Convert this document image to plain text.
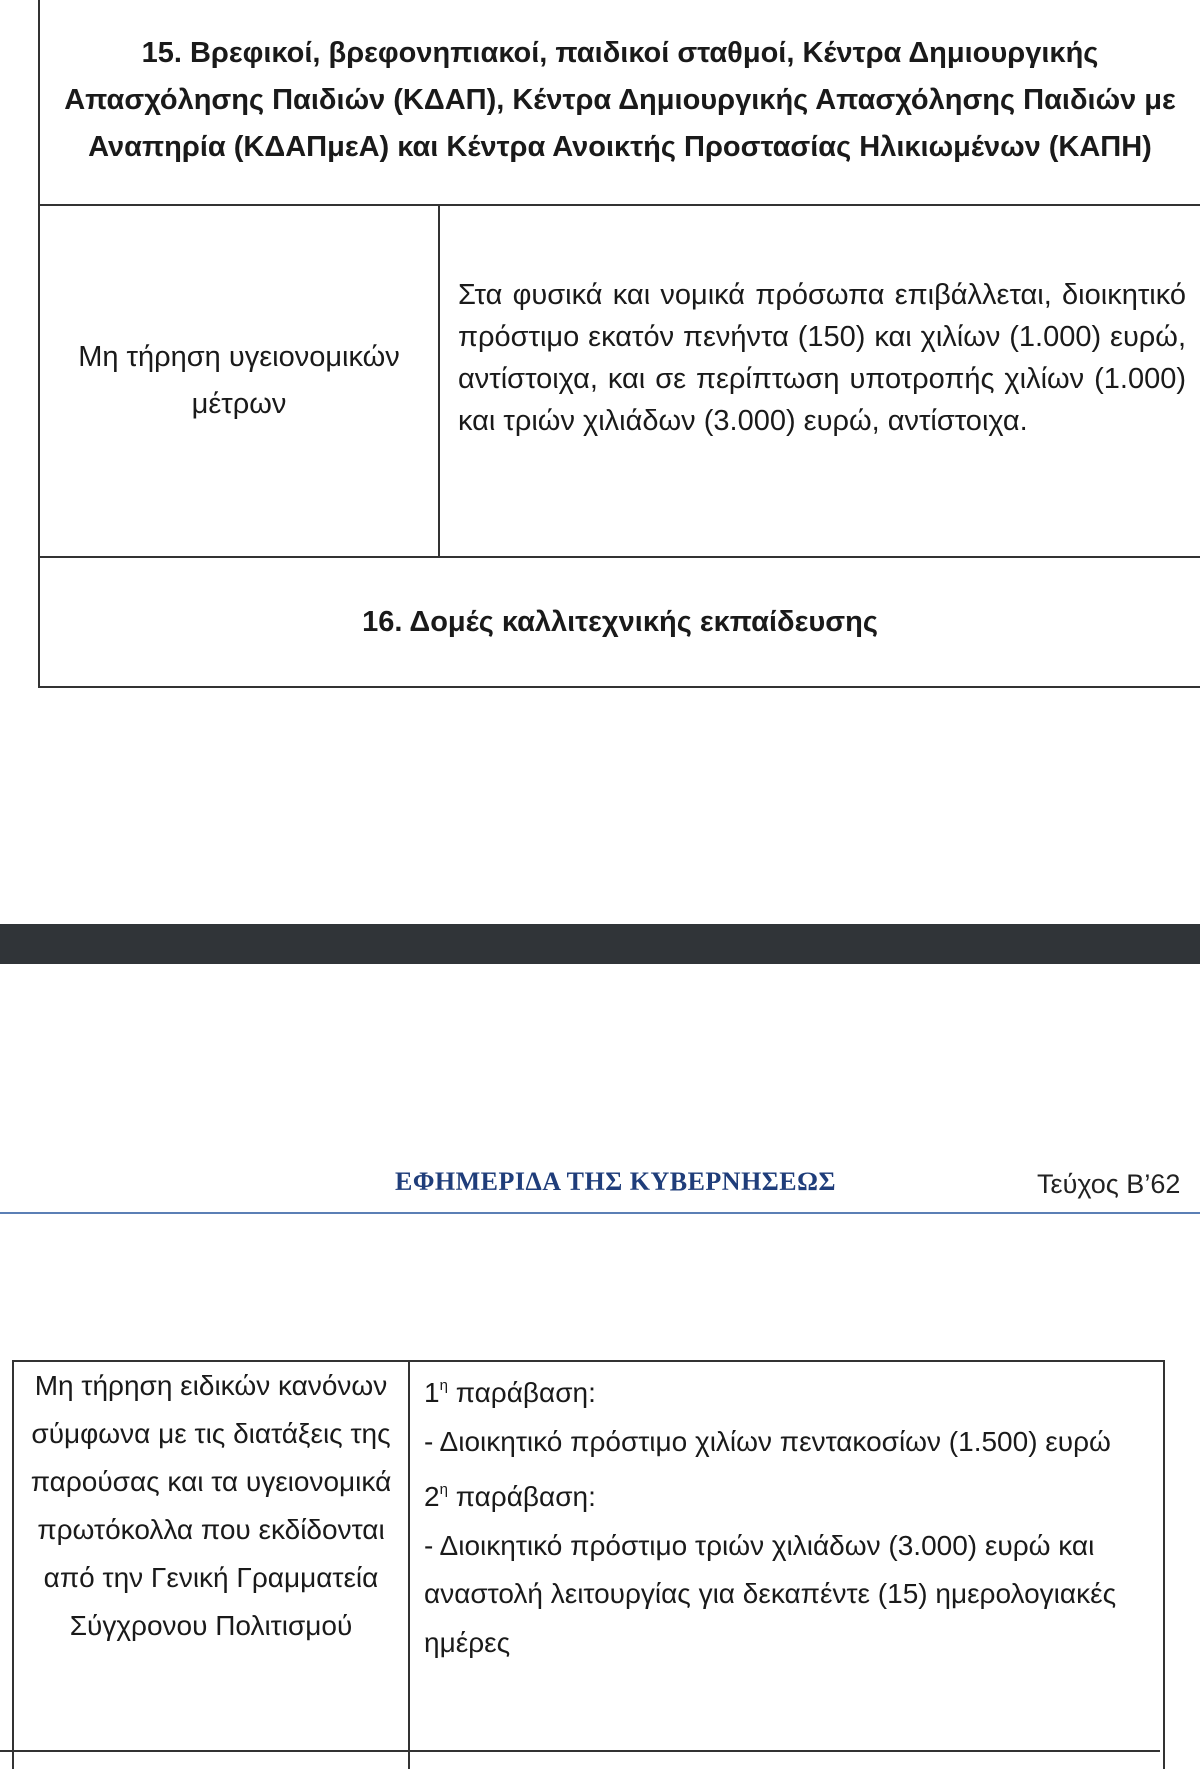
15. Βρεφικοί, βρεφονηπιακοί, παιδικοί σταθμοί, Κέντρα Δημιουργικής Απασχόλησης Παιδιών (ΚΔΑΠ), Κέντρα Δημιουργικής Απασχόλησης Παιδιών με Αναπηρία (ΚΔΑΠμεΑ) και Κέντρα Ανοικτής Προστασίας Ηλικιωμένων (ΚΑΠΗ)
Μη τήρηση υγειονομικών μέτρων
Στα φυσικά και νομικά πρόσωπα επιβάλλεται, διοικητικό πρόστιμο εκατόν πενήντα (150) και χιλίων (1.000) ευρώ, αντίστοιχα, και σε περίπτωση υποτροπής χιλίων (1.000) και τριών χιλιάδων (3.000) ευρώ, αντίστοιχα.
16. Δομές καλλιτεχνικής εκπαίδευσης
ΕΦΗΜΕΡΙΔΑ ΤΗΣ ΚΥΒΕΡΝΗΣΕΩΣ	Τεύχος Β’62
Μη τήρηση ειδικών κανόνων σύμφωνα με τις διατάξεις της παρούσας και τα υγειονομικά πρωτόκολλα που εκδίδονται από την Γενική Γραμματεία Σύγχρονου Πολιτισμού
$1^\eta$ παράβαση:
- Διοικητικό πρόστιμο χιλίων πεντακοσίων (1.500) ευρώ
$2^\eta$ παράβαση:
- Διοικητικό πρόστιμο τριών χιλιάδων (3.000) ευρώ και αναστολή λειτουργίας για δεκαπέντε (15) ημερολογιακές ημέρες
